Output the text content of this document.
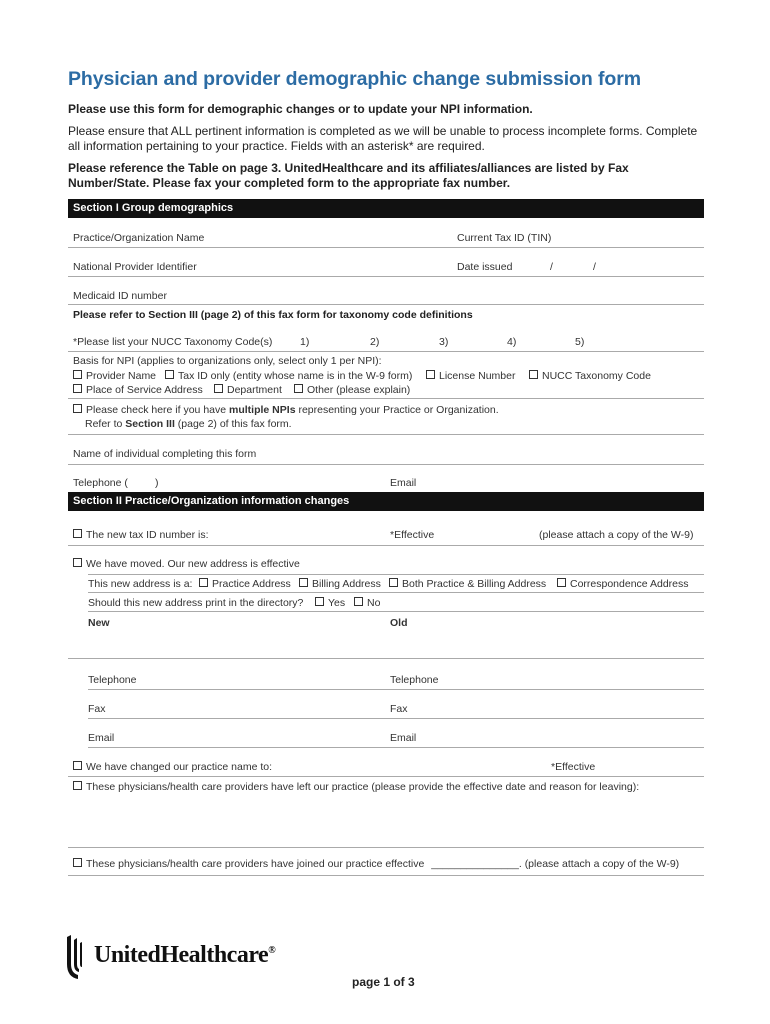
Physician and provider demographic change submission form
Please use this form for demographic changes or to update your NPI information.
Please ensure that ALL pertinent information is completed as we will be unable to process incomplete forms. Complete all information pertaining to your practice. Fields with an asterisk* are required.
Please reference the Table on page 3. UnitedHealthcare and its affiliates/alliances are listed by Fax Number/State. Please fax your completed form to the appropriate fax number.
Section I Group demographics
Practice/Organization Name	Current Tax ID (TIN)
National Provider Identifier	Date issued	/	/
Medicaid ID number
Please refer to Section III (page 2) of this fax form for taxonomy code definitions
*Please list your NUCC Taxonomy Code(s)	1)	2)	3)	4)	5)
Basis for NPI (applies to organizations only, select only 1 per NPI):
Provider Name	Tax ID only (entity whose name is in the W-9 form)	License Number	NUCC Taxonomy Code
Place of Service Address	Department	Other (please explain)
Please check here if you have multiple NPIs representing your Practice or Organization.
Refer to Section III (page 2) of this fax form.
Name of individual completing this form
Telephone (	)	Email
Section II Practice/Organization information changes
The new tax ID number is:	*Effective	(please attach a copy of the W-9)
We have moved. Our new address is effective
This new address is a:	Practice Address	Billing Address	Both Practice & Billing Address	Correspondence Address
Should this new address print in the directory?	Yes	No
New	Old
Telephone	Telephone
Fax	Fax
Email	Email
We have changed our practice name to:	*Effective
These physicians/health care providers have left our practice (please provide the effective date and reason for leaving):
These physicians/health care providers have joined our practice effective _______________. (please attach a copy of the W-9)
UnitedHealthcare®
page 1 of 3
